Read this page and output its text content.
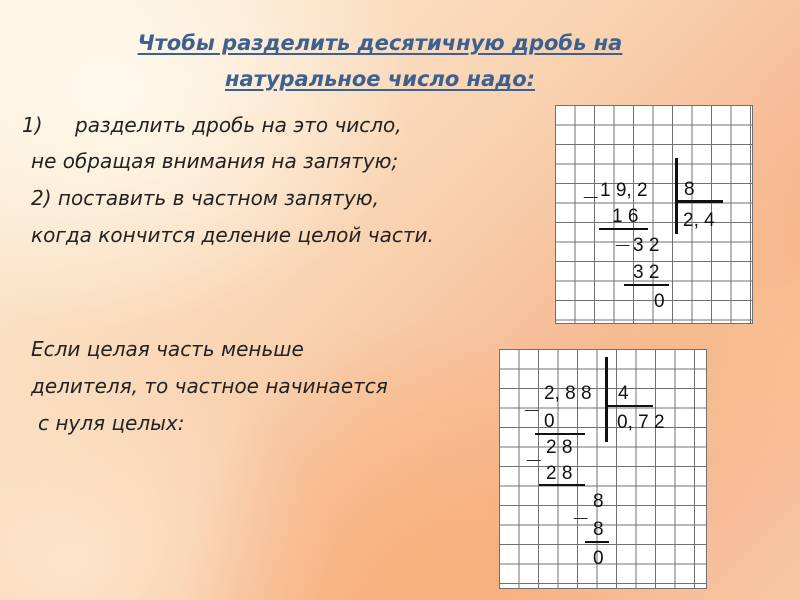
Чтобы разделить десятичную дробь на
натуральное число надо:
1) разделить дробь на это число,
не обращая внимания на запятую;
2) поставить в частном запятую,
когда кончится деление целой части.
Если целая часть меньше
делителя, то частное начинается
с нуля целых:
_ 1 9, 2 8
2, 4
1 6
_ 3 2
3 2
0
_ 2, 8 8 4
0, 7 2
0
_ 2 8
2 8
_ 8
8
0
